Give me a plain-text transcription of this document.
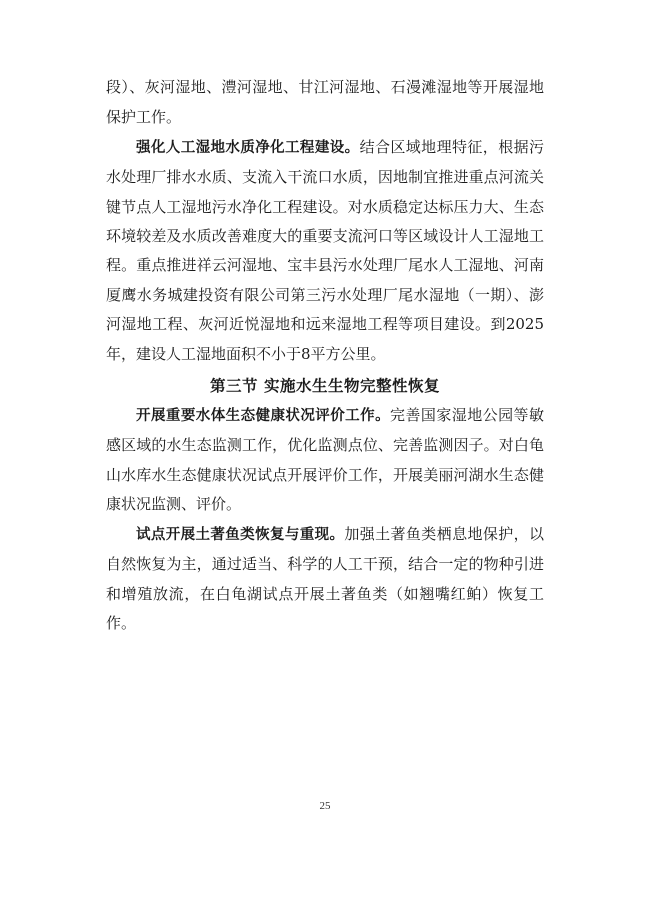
段）、灰河湿地、澧河湿地、甘江河湿地、石漫滩湿地等开展湿地保护工作。

强化人工湿地水质净化工程建设。结合区域地理特征，根据污水处理厂排水水质、支流入干流口水质，因地制宜推进重点河流关键节点人工湿地污水净化工程建设。对水质稳定达标压力大、生态环境较差及水质改善难度大的重要支流河口等区域设计人工湿地工程。重点推进祥云河湿地、宝丰县污水处理厂尾水人工湿地、河南厦鹰水务城建投资有限公司第三污水处理厂尾水湿地（一期）、澎河湿地工程、灰河近悦湿地和远来湿地工程等项目建设。到2025年，建设人工湿地面积不小于8平方公里。

第三节 实施水生生物完整性恢复

开展重要水体生态健康状况评价工作。完善国家湿地公园等敏感区域的水生态监测工作，优化监测点位、完善监测因子。对白龟山水库水生态健康状况试点开展评价工作，开展美丽河湖水生态健康状况监测、评价。

试点开展土著鱼类恢复与重现。加强土著鱼类栖息地保护，以自然恢复为主，通过适当、科学的人工干预，结合一定的物种引进和增殖放流，在白龟湖试点开展土著鱼类（如翘嘴红鲌）恢复工作。

25
